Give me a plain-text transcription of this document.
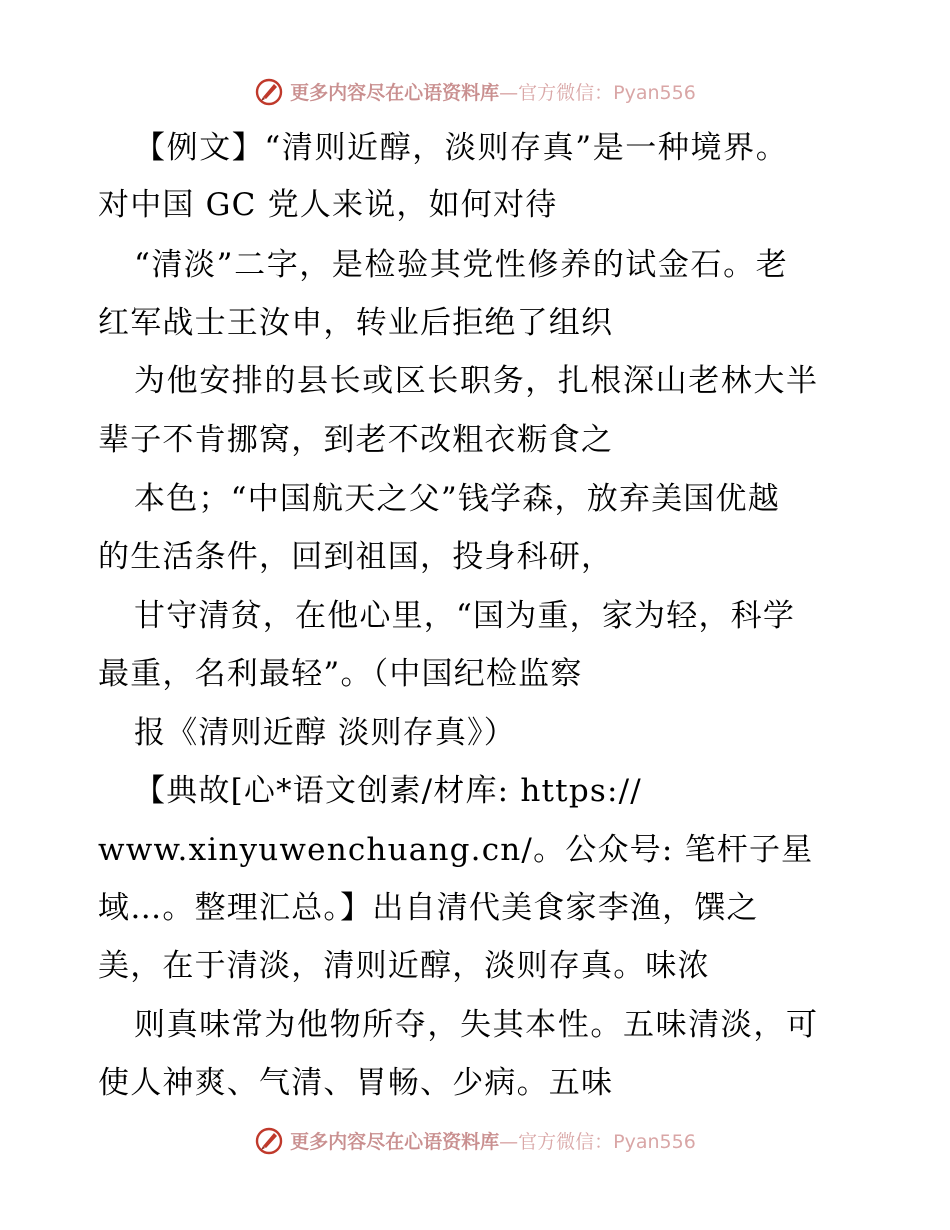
更多内容尽在心语资料库—官方微信：Pyan556
【例文】“清则近醇，淡则存真”是一种境界。
对中国 GC 党人来说，如何对待
“清淡”二字，是检验其党性修养的试金石。老
红军战士王汝申，转业后拒绝了组织
为他安排的县长或区长职务，扎根深山老林大半
辈子不肯挪窝，到老不改粗衣粝食之
本色；“中国航天之父”钱学森，放弃美国优越
的生活条件，回到祖国，投身科研，
甘守清贫，在他心里，“国为重，家为轻，科学
最重，名利最轻”。（中国纪检监察
报《清则近醇 淡则存真》）
【典故[心*语文创素/材库: https://
www.xinyuwenchuang.cn/。公众号: 笔杆子星
域…。整理汇总。】出自清代美食家李渔，馔之
美，在于清淡，清则近醇，淡则存真。味浓
则真味常为他物所夺，失其本性。五味清淡，可
使人神爽、气清、胃畅、少病。五味
更多内容尽在心语资料库—官方微信：Pyan556
